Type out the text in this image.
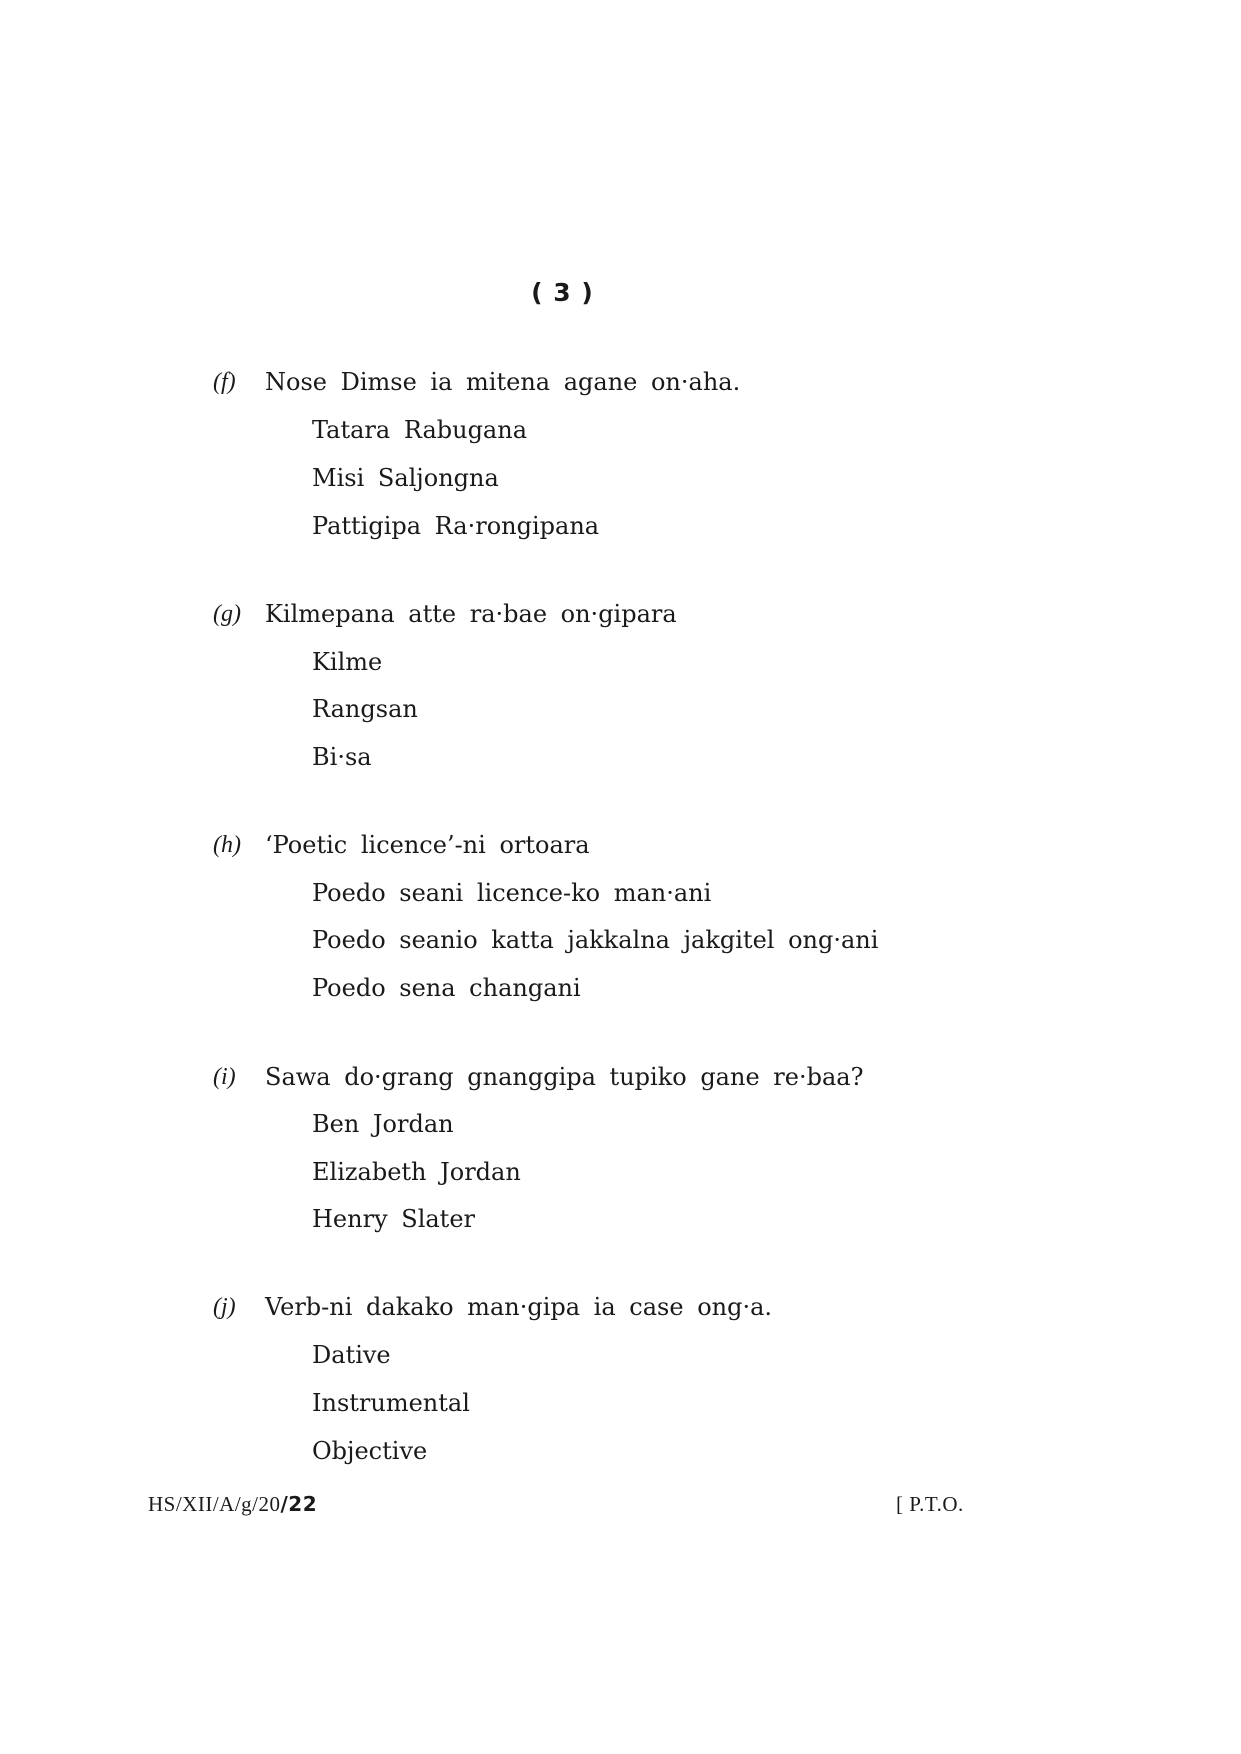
( 3 )
(f) Nose Dimse ia mitena agane on·aha.
Tatara Rabugana
Misi Saljongna
Pattigipa Ra·rongipana
(g) Kilmepana atte ra·bae on·gipara
Kilme
Rangsan
Bi·sa
(h) ‘Poetic licence’-ni ortoara
Poedo seani licence-ko man·ani
Poedo seanio katta jakkalna jakgitel ong·ani
Poedo sena changani
(i) Sawa do·grang gnanggipa tupiko gane re·baa?
Ben Jordan
Elizabeth Jordan
Henry Slater
(j) Verb-ni dakako man·gipa ia case ong·a.
Dative
Instrumental
Objective
HS/XII/A/g/20/22	[ P.T.O.
